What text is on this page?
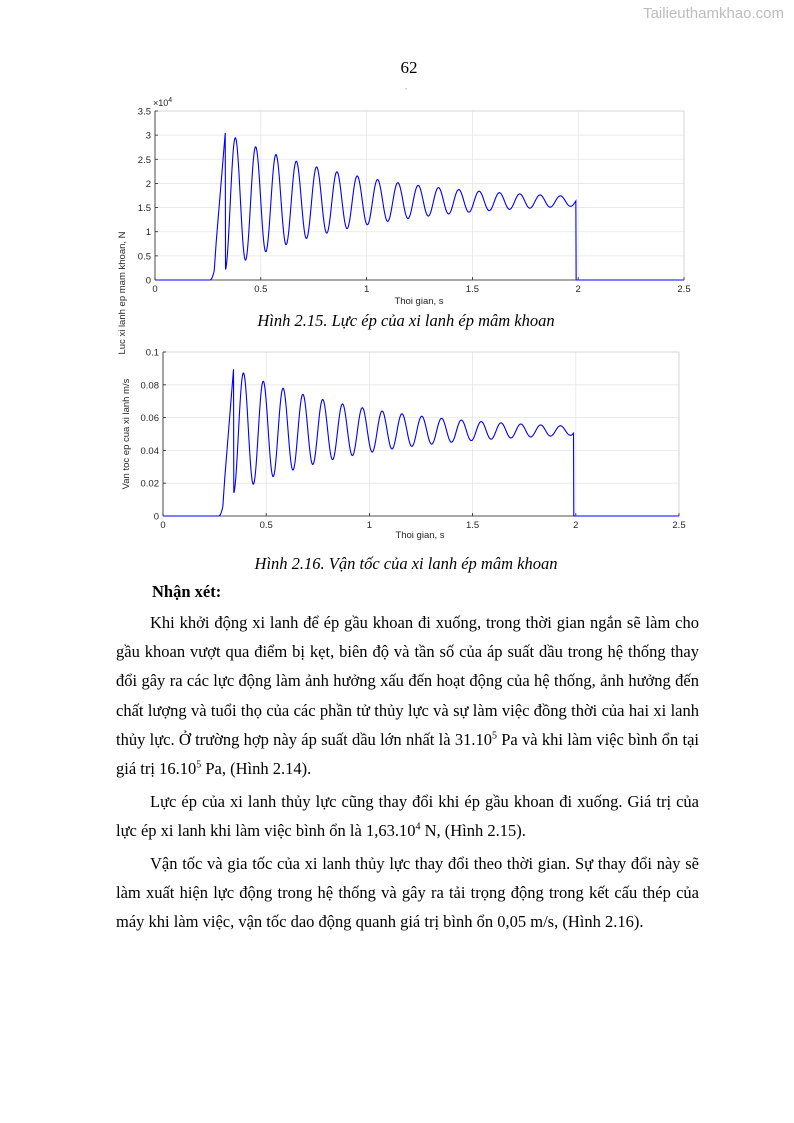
Tailieuthamkhao.com
62
"
$\times 10^4$
Luc xi lanh ep mam khoan, N	Thoi gian, s
0	0.5	1	1.5	2	2.5
0
0.5
1
1.5
2
2.5
3
3.5
Hình 2.15. Lực ép của xi lanh ép mâm khoan
Van toc ep cua xi lanh m/s
Thoi gian, s
0	0.5	1	1.5	2	2.5
0
0.02
0.04
0.06
0.08
0.1
Hình 2.16. Vận tốc của xi lanh ép mâm khoan
Nhận xét:

Khi khởi động xi lanh để ép gầu khoan đi xuống, trong thời gian ngắn sẽ làm cho gầu khoan vượt qua điểm bị kẹt, biên độ và tần số của áp suất dầu trong hệ thống thay đổi gây ra các lực động làm ảnh hưởng xấu đến hoạt động của hệ thống, ảnh hưởng đến chất lượng và tuổi thọ của các phần tử thủy lực và sự làm việc đồng thời của hai xi lanh thủy lực. Ở trường hợp này áp suất dầu lớn nhất là 31.10$^5$ Pa và khi làm việc bình ổn tại giá trị 16.10$^5$ Pa, (Hình 2.14).

Lực ép của xi lanh thủy lực cũng thay đổi khi ép gầu khoan đi xuống. Giá trị của lực ép xi lanh khi làm việc bình ổn là 1,63.10$^4$ N, (Hình 2.15).

Vận tốc và gia tốc của xi lanh thủy lực thay đổi theo thời gian. Sự thay đổi này sẽ làm xuất hiện lực động trong hệ thống và gây ra tải trọng động trong kết cấu thép của máy khi làm việc, vận tốc dao động quanh giá trị bình ổn 0,05 m/s, (Hình 2.16).
